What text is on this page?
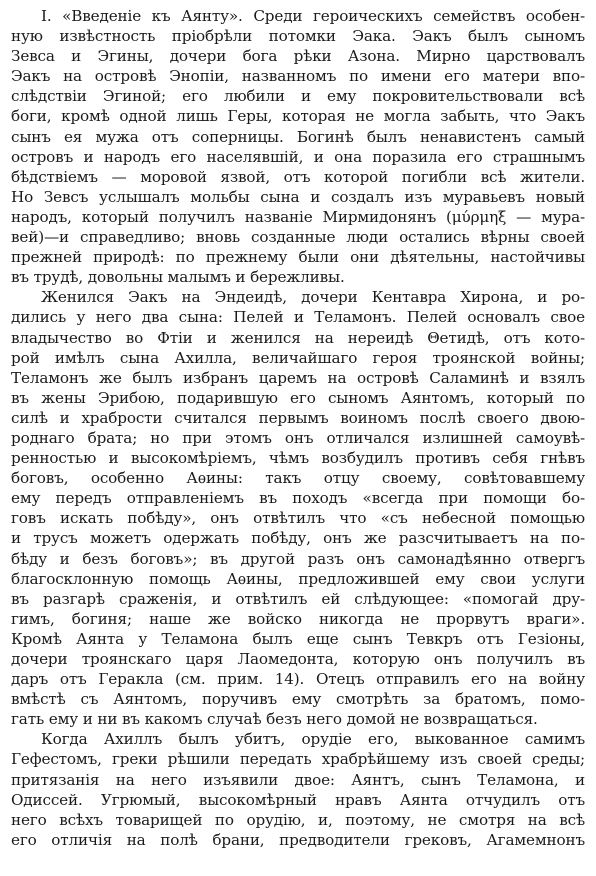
I. «Введеніе къ Аянту». Среди героическихъ семействъ особен-
ную извѣстность пріобрѣли потомки Эака. Эакъ былъ сыномъ
Зевса и Эгины, дочери бога рѣки Азона. Мирно царствовалъ
Эакъ на островѣ Энопіи, названномъ по имени его матери впо-
слѣдствіи Эгиной; его любили и ему покровительствовали всѣ
боги, кромѣ одной лишь Геры, которая не могла забыть, что Эакъ
сынъ ея мужа отъ соперницы. Богинѣ былъ ненавистенъ самый
островъ и народъ его населявшій, и она поразила его страшнымъ
бѣдствіемъ — моровой язвой, отъ которой погибли всѣ жители.
Но Зевсъ услышалъ мольбы сына и создалъ изъ муравьевъ новый
народъ, который получилъ названіе Мирмидонянъ (μύρμηξ — мура-
вей)—и справедливо; вновь созданные люди остались вѣрны своей
прежней природѣ: по прежнему были они дѣятельны, настойчивы
въ трудѣ, довольны малымъ и бережливы.
Женился Эакъ на Эндеидѣ, дочери Кентавра Хирона, и ро-
дились у него два сына: Пелей и Теламонъ. Пелей основалъ свое
владычество во Фтіи и женился на нереидѣ Θетидѣ, отъ кото-
рой имѣлъ сына Ахилла, величайшаго героя троянской войны;
Теламонъ же былъ избранъ царемъ на островѣ Саламинѣ и взялъ
въ жены Эрибою, подарившую его сыномъ Аянтомъ, который по
силѣ и храбрости считался первымъ воиномъ послѣ своего двою-
роднаго брата; но при этомъ онъ отличался излишней самоувѣ-
ренностью и высокомѣріемъ, чѣмъ возбудилъ противъ себя гнѣвъ
боговъ, особенно Аѳины: такъ отцу своему, совѣтовавшему
ему передъ отправленіемъ въ походъ «всегда при помощи бо-
говъ искать побѣду», онъ отвѣтилъ что «съ небесной помощью
и трусъ можетъ одержать побѣду, онъ же разсчитываетъ на по-
бѣду и безъ боговъ»; въ другой разъ онъ самонадѣянно отвергъ
благосклонную помощь Аѳины, предложившей ему свои услуги
въ разгарѣ сраженія, и отвѣтилъ ей слѣдующее: «помогай дру-
гимъ, богиня; наше же войско никогда не прорвутъ враги».
Кромѣ Аянта у Теламона былъ еще сынъ Тевкръ отъ Гезіоны,
дочери троянскаго царя Лаомедонта, которую онъ получилъ въ
даръ отъ Геракла (см. прим. 14). Отецъ отправилъ его на войну
вмѣстѣ съ Аянтомъ, поручивъ ему смотрѣть за братомъ, помо-
гать ему и ни въ какомъ случаѣ безъ него домой не возвращаться.
Когда Ахиллъ былъ убитъ, орудіе его, выкованное самимъ
Гефестомъ, греки рѣшили передать храбрѣйшему изъ своей среды;
притязанія на него изъявили двое: Аянтъ, сынъ Теламона, и
Одиссей. Угрюмый, высокомѣрный нравъ Аянта отчудилъ отъ
него всѣхъ товарищей по орудію, и, поэтому, не смотря на всѣ
его отличія на полѣ брани, предводители грековъ, Агамемнонъ
